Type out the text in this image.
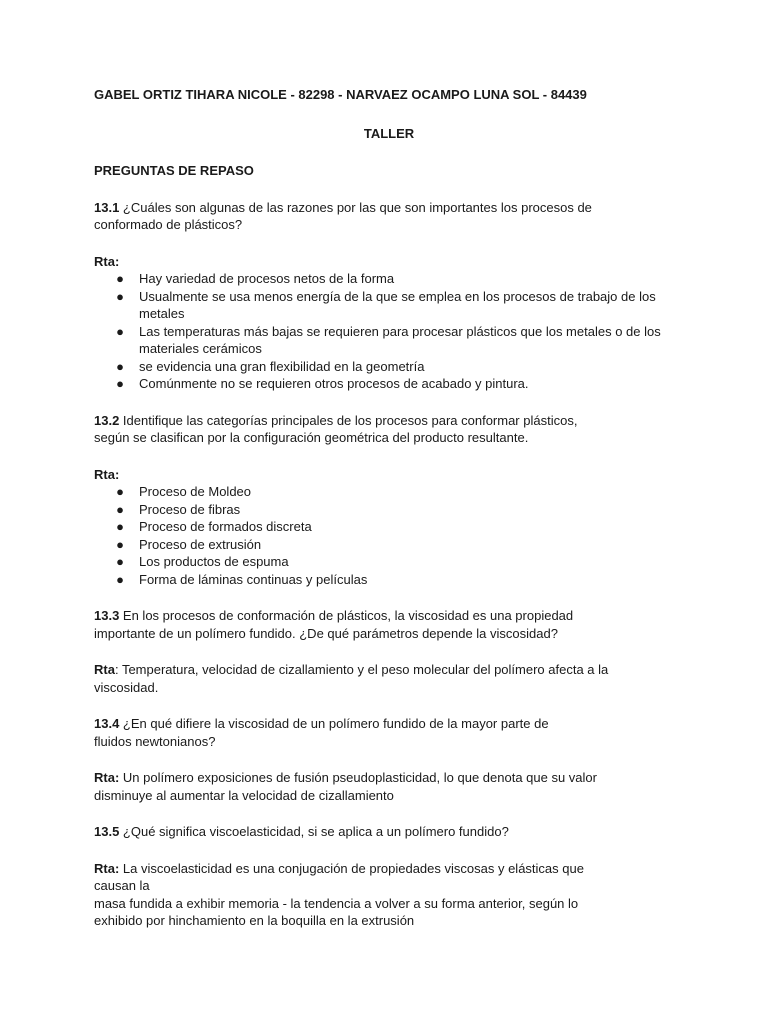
GABEL ORTIZ TIHARA NICOLE - 82298 - NARVAEZ OCAMPO LUNA SOL - 84439

TALLER

PREGUNTAS DE REPASO

13.1 ¿Cuáles son algunas de las razones por las que son importantes los procesos de
conformado de plásticos?

Rta:

● Hay variedad de procesos netos de la forma
● Usualmente se usa menos energía de la que se emplea en los procesos de trabajo de los metales
● Las temperaturas más bajas se requieren para procesar plásticos que los metales o de los materiales cerámicos
● se evidencia una gran flexibilidad en la geometría
● Comúnmente no se requieren otros procesos de acabado y pintura.

13.2 Identifique las categorías principales de los procesos para conformar plásticos,
según se clasifican por la configuración geométrica del producto resultante.

Rta:

● Proceso de Moldeo
● Proceso de fibras
● Proceso de formados discreta
● Proceso de extrusión
● Los productos de espuma
● Forma de láminas continuas y películas

13.3 En los procesos de conformación de plásticos, la viscosidad es una propiedad
importante de un polímero fundido. ¿De qué parámetros depende la viscosidad?

Rta: Temperatura, velocidad de cizallamiento y el peso molecular del polímero afecta a la
viscosidad.

13.4 ¿En qué difiere la viscosidad de un polímero fundido de la mayor parte de
fluidos newtonianos?

Rta: Un polímero exposiciones de fusión pseudoplasticidad, lo que denota que su valor
disminuye al aumentar la velocidad de cizallamiento

13.5 ¿Qué significa viscoelasticidad, si se aplica a un polímero fundido?

Rta: La viscoelasticidad es una conjugación de propiedades viscosas y elásticas que
causan la
masa fundida a exhibir memoria - la tendencia a volver a su forma anterior, según lo
exhibido por hinchamiento en la boquilla en la extrusión
